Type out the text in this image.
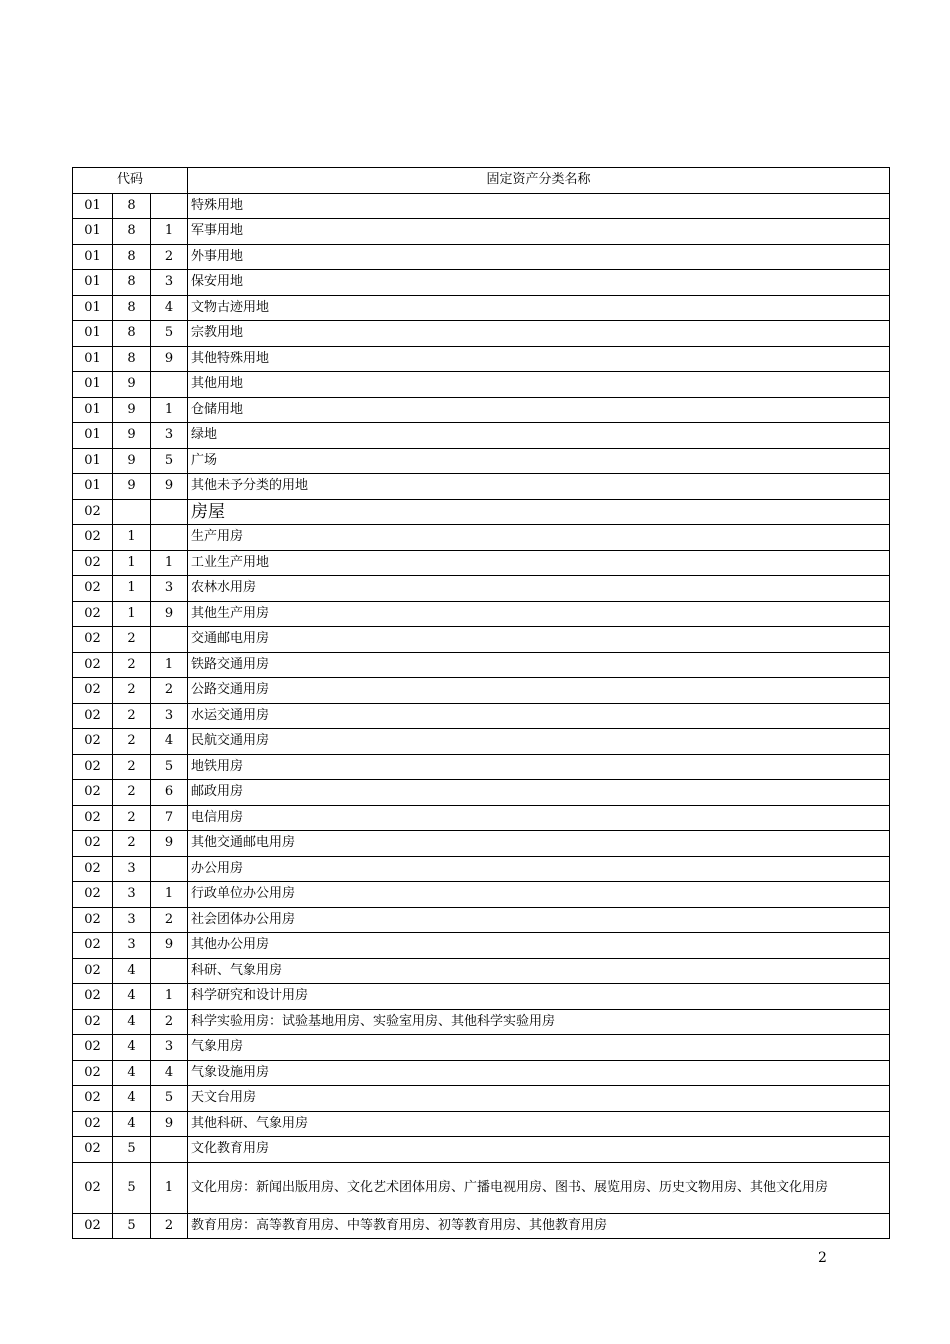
代码			固定资产分类名称
01	8		特殊用地
01	8	1	军事用地
01	8	2	外事用地
01	8	3	保安用地
01	8	4	文物古迹用地
01	8	5	宗教用地
01	8	9	其他特殊用地
01	9		其他用地
01	9	1	仓储用地
01	9	3	绿地
01	9	5	广场
01	9	9	其他未予分类的用地
02			房屋
02	1		生产用房
02	1	1	工业生产用地
02	1	3	农林水用房
02	1	9	其他生产用房
02	2		交通邮电用房
02	2	1	铁路交通用房
02	2	2	公路交通用房
02	2	3	水运交通用房
02	2	4	民航交通用房
02	2	5	地铁用房
02	2	6	邮政用房
02	2	7	电信用房
02	2	9	其他交通邮电用房
02	3		办公用房
02	3	1	行政单位办公用房
02	3	2	社会团体办公用房
02	3	9	其他办公用房
02	4		科研、气象用房
02	4	1	科学研究和设计用房
02	4	2	科学实验用房：试验基地用房、实验室用房、其他科学实验用房
02	4	3	气象用房
02	4	4	气象设施用房
02	4	5	天文台用房
02	4	9	其他科研、气象用房
02	5		文化教育用房
02	5	1	文化用房：新闻出版用房、文化艺术团体用房、广播电视用房、图书、展览用房、历史文物用房、其他文化用房
02	5	2	教育用房：高等教育用房、中等教育用房、初等教育用房、其他教育用房
2
